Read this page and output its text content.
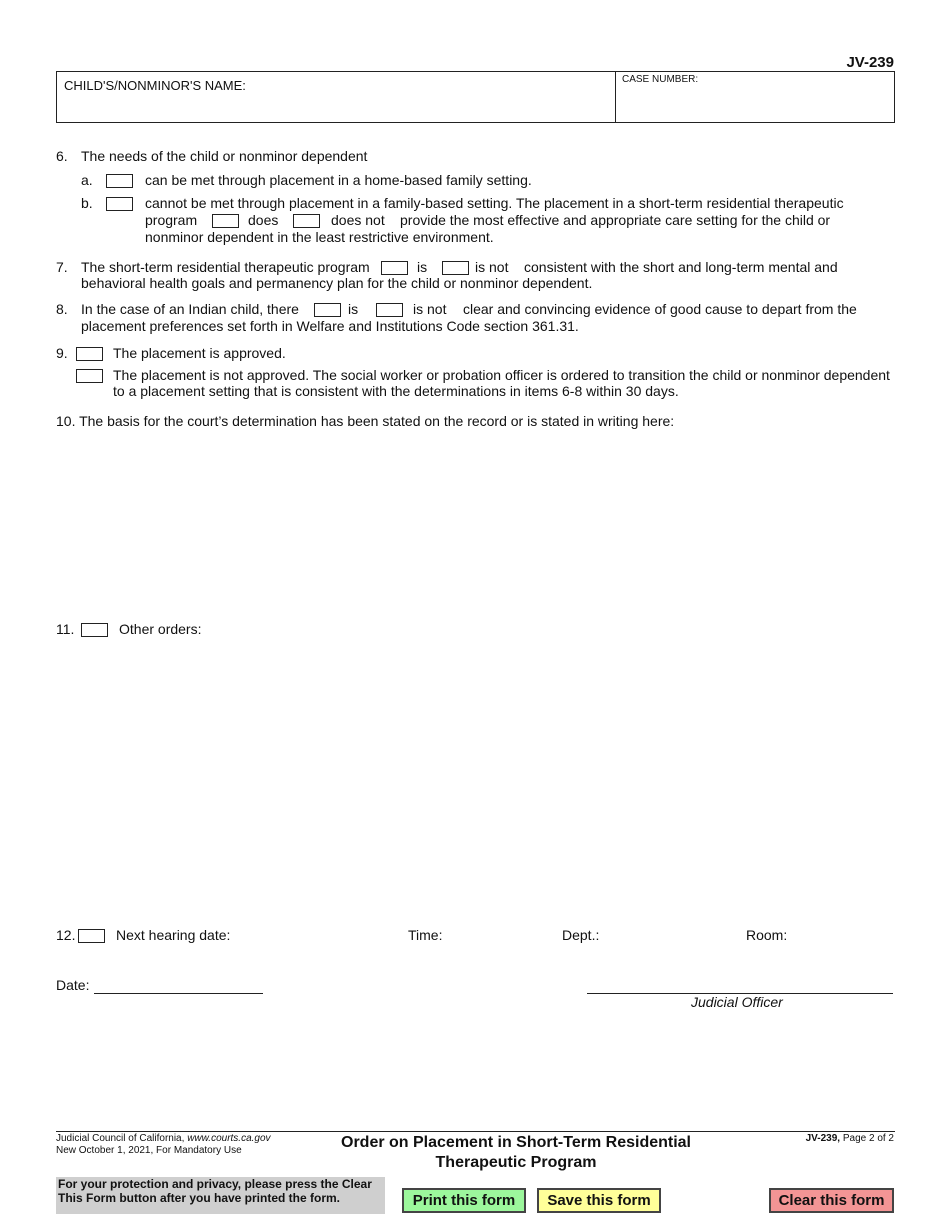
JV-239
CHILD'S/NONMINOR'S NAME:	CASE NUMBER:
6. The needs of the child or nonminor dependent
a.	can be met through placement in a home-based family setting.
b.	cannot be met through placement in a family-based setting. The placement in a short-term residential therapeutic
program	does	does not provide the most effective and appropriate care setting for the child or
nonminor dependent in the least restrictive environment.
7. The short-term residential therapeutic program	is	is not consistent with the short and long-term mental and
behavioral health goals and permanency plan for the child or nonminor dependent.
8. In the case of an Indian child, there	is	is not clear and convincing evidence of good cause to depart from the
placement preferences set forth in Welfare and Institutions Code section 361.31.
9.	The placement is approved.
The placement is not approved. The social worker or probation officer is ordered to transition the child or nonminor dependent
to a placement setting that is consistent with the determinations in items 6-8 within 30 days.
10. The basis for the court’s determination has been stated on the record or is stated in writing here:
11.	Other orders:
12.	Next hearing date:	Time:	Dept.:	Room:
Date:
Judicial Officer
Judicial Council of California, www.courts.ca.gov
New October 1, 2021, For Mandatory Use	Order on Placement in Short-Term Residential
Therapeutic Program
JV-239, Page 2 of 2
For your protection and privacy, please press the Clear
This Form button after you have printed the form.	Print this form	Save this form	Clear this form
